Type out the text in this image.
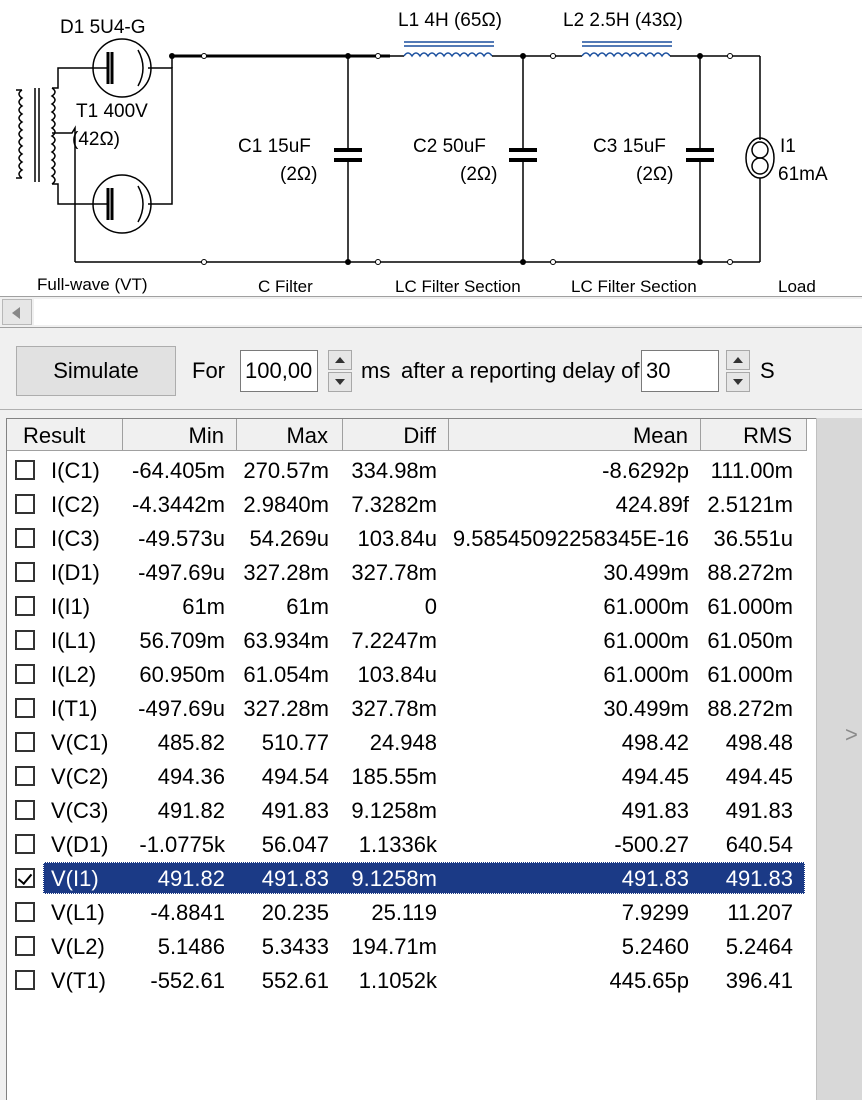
D1 5U4-G
T1 400V
(42Ω)
L1 4H (65Ω)	L2 2.5H (43Ω)
C1 15uF
(2Ω)
C2 50uF
(2Ω)
C3 15uF
(2Ω)
I1
61mA
Full-wave (VT)	C Filter	LC Filter Section	LC Filter Section	Load
Simulate	For 100,00 ms after a reporting delay of 30	S
Result	Min	Max	Diff	Mean	RMS
I(C1)	-64.405m 270.57m	334.98m	-8.6292p 111.00m
I(C2)	-4.3442m 2.9840m	7.3282m	424.89f 2.5121m
I(C3)	-49.573u	54.269u	103.84u 9.58545092258345E-16	36.551u
I(D1)	-497.69u 327.28m	327.78m	30.499m 88.272m
I(I1)	61m	61m	0	61.000m 61.000m
I(L1)	56.709m 63.934m	7.2247m	61.000m 61.050m
I(L2)	60.950m 61.054m	103.84u	61.000m 61.000m
I(T1)	-497.69u 327.28m	327.78m	30.499m 88.272m
V(C1)	485.82	510.77	24.948	498.42	498.48
V(C2)	494.36	494.54	185.55m	494.45	494.45
V(C3)	491.82	491.83	9.1258m	491.83	491.83
V(D1)	-1.0775k	56.047	1.1336k	-500.27	640.54
V(I1)	491.82	491.83	9.1258m	491.83	491.83
V(L1)	-4.8841	20.235	25.119	7.9299	11.207
V(L2)	5.1486	5.3433	194.71m	5.2460	5.2464
V(T1)	-552.61	552.61	1.1052k	445.65p	396.41
>
